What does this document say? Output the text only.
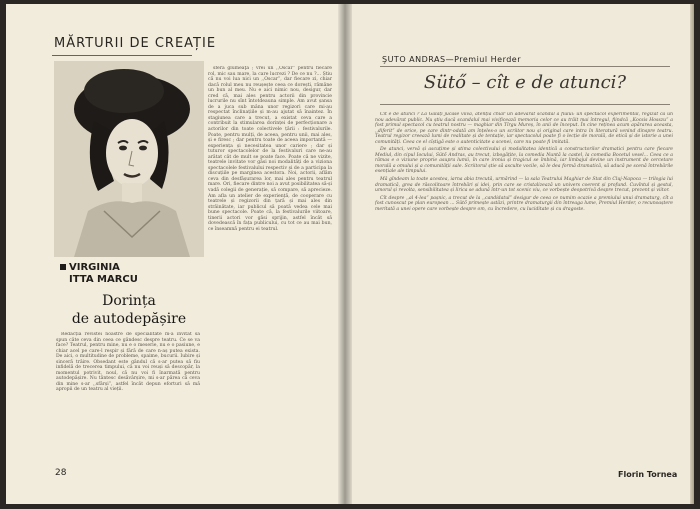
MĂRTURII DE CREAȚIE
VIRGINIA
ITTA MARCU
Dorința
de autodepășire

Redacția revistei noastre de specialitate m-a invitat să spun câte ceva din ceea ce gândesc despre teatru. Ce se va face? Teatrul, pentru mine, nu e o meserie, nu e o pasiune, e chiar acel pe care-l respir și fără de care n-aș putea exista. De aici, o multitudine de probleme, spaime, bucurii. Iubire și sinceră trăire. Obsedant este gândul că s-ar putea să fiu infidelă de trecerea timpului, că nu voi reuși să descopăr, la momentul potrivit, noul, că nu voi fi înarmată pentru autodepășire. Nu tântesc desăvârșire, mi s-ar părea că ceva din mine s-ar ,,sfârși”, astfel încât depun eforturi să mă apropii de un teatru al vieții.

sfera glumeaţă ; vrei un ,,Oscar” pentru fiecare rol, mic sau mare, la care lucrezi ? De ce nu ?... Știu că nu voi lua nici un ,,Oscar”, dar fiecare zi, chiar dacă rolul meu nu reușește ceea ce dorești, rămâne un bun al meu. Nu e aici nimic nou, desigur, dar cred că, mai ales pentru actorii din provincie lucrurile nu sînt întotdeauna simple. Am avut șansa de a juca sub mâna unor regizori care mi-au respectat înclinațiile și m-au ajutat să înaintez. În stagiunea care a trecut, a existat ceva care a contribuit la stimularea dorinței de perfecționare a actorilor din toate colectivele țării : festivalurile. Poate, pentru mulți, de aceea, pentru unii, mai ales, și e firesc ; dar pentru toate de aceea importantă — experiența și necesitatea unor cariere ; dar și tuturor spectacolelor de la festivaluri care ne-au arătat cât de mult se poate face. Poate că ne vizite, teatrele invitate vor găsi noi modalități de a viziona spectacolele festivalului respectiv și de a participa la discuțiile pe marginea acestora. Noi, actorii, aflăm ceva din desfășurarea lor, mai ales pentru teatrul mare. Ori, fiecare dintre noi a avut posibilitatea să-și vadă colegii de generație, să compare, să aprecieze. Am afla un atelier de experiență, de cooperare cu teatrele și regizorii din țară și mai ales din străinătate, iar publicul să poată vedea cele mai bune spectacole. Poate că, la festivalurile viitoare, tinerii actori vor găsi sprijin, astfel încât să dovedească în fața publicului, cu tot ce au mai bun, ce înseamnă pentru ei teatrul.

28
ŞUTO ANDRAS—Premiul Herder
Sütő – cît e de atunci?

Cit e de atunci ? La Galați jucase viivă, atenția chiar un adevărat scandal a fiului: un spectacol experimental, regizat ca un nou adevărat public. Nu știu dacă scandalul mai vivificează memoria celor ce au trăit mai întregul, fiindcă ,,Kocsis Hosszu” a fost primul spectacol cu teatrul nostru — maghiar din Tîrgu Mureș, în anii de început. În cine reținea acum apărarea aceasta, ,,diferit” de orice, pe care dintr-odată am înțeles-o un scriitor nou și original care intra în literatură venind dinspre teatru. Teatrul regizor creează lumi de realitate și de tentație, iar spectacolul poate fi o lecție de morală, de etică și de istorie a unei comunități. Ceea ce el cîștigă este o autenticitate a scenei, care nu poate fi imitată.

De atunci, vervă și ascuțime și stima colectivului și modalitatea identică a constructorilor dramatici pentru care fiecare Mediul, din cipul Iocului, Sütő Andras, au trecut, izbogățite, la comedia Nuntă la castel, la comedia Bocetul vesel... Ceea ce a rămas e o viziune proprie asupra lumii, în care ironia și tragicul se îmbină, iar limbajul devine un instrument de cercetare morală a omului și a comunității sale. Scriitorul știe să asculte vocile, să le dea formă dramatică, să aducă pe scenă întrebările esențiale ale timpului.

Mă gîndeam la toate acestea, iarna abia trecută, urmărind — la sala Teatrului Maghiar de Stat din Cluj-Napoca — trilogia lui dramatică, grea de răscolitoare întrebări și idei, prin care se cristalizează un univers coerent și profund. Cuvîntul și gestul, umorul și revolta, sensibilitatea și lirica se adună într-un tot scenic viu, ce vorbește deopotrivă despre trecut, prezent și viitor.

Cît despre ,,al 4-lea“ pașnic, a trecut de la ,,candidatul” desigur de ceea ce numim ocazie a premiului unui dramaturg, cît a fost cunoscut pe plan european ... Sütő primește astăzi, printre dramaturgii din întreaga lume, Premiul Herder, o recunoaștere meritată a unei opere care vorbește despre om, cu încredere, cu luciditate și cu dragoste.

Florin Tornea
